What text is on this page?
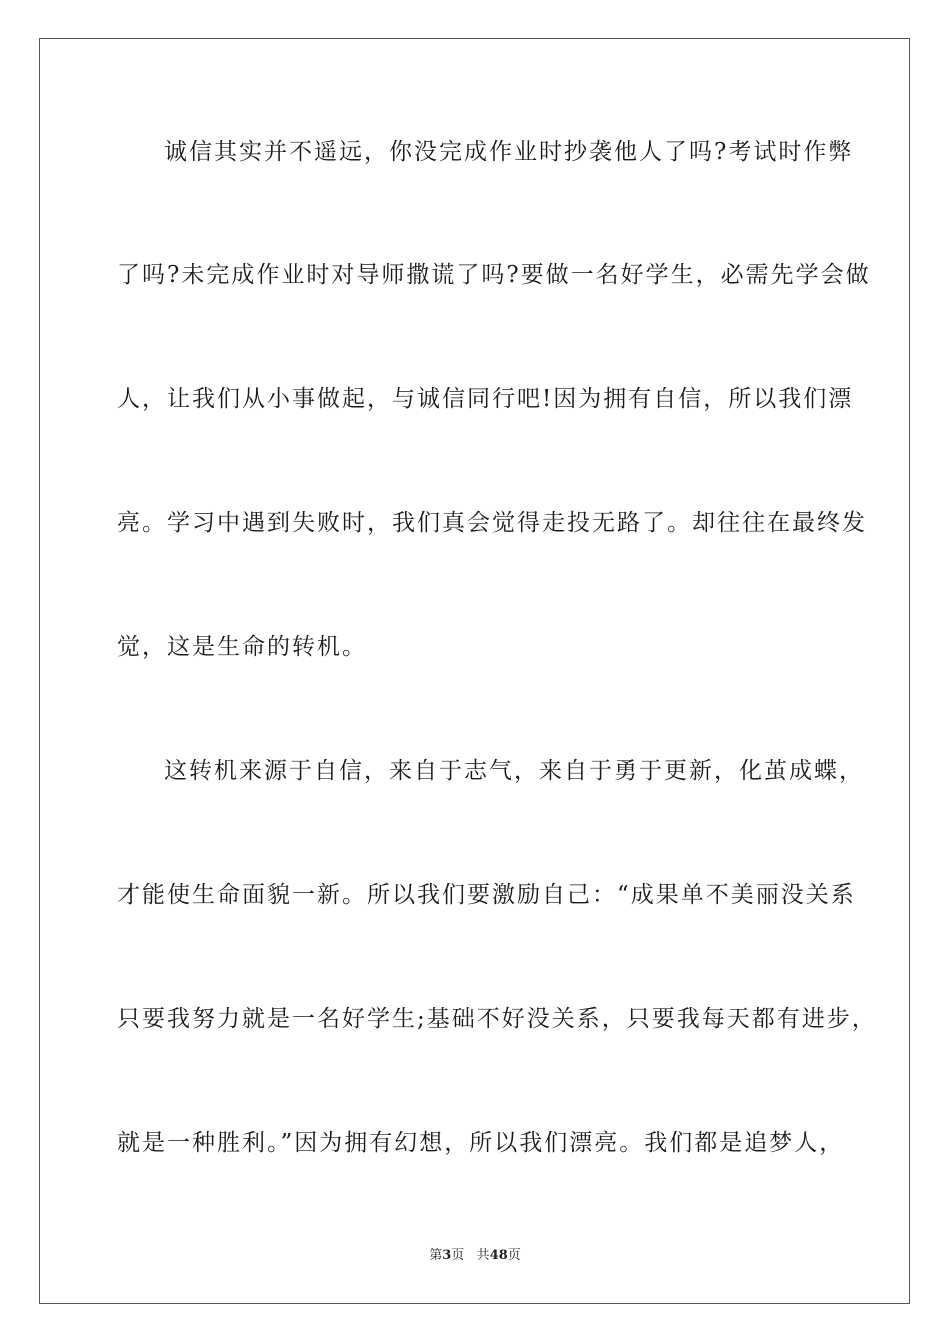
诚信其实并不遥远，你没完成作业时抄袭他人了吗?考试时作弊
了吗?未完成作业时对导师撒谎了吗?要做一名好学生，必需先学会做
人，让我们从小事做起，与诚信同行吧!因为拥有自信，所以我们漂
亮。学习中遇到失败时，我们真会觉得走投无路了。却往往在最终发
觉，这是生命的转机。
这转机来源于自信，来自于志气，来自于勇于更新，化茧成蝶，
才能使生命面貌一新。所以我们要激励自己：“成果单不美丽没关系
只要我努力就是一名好学生;基础不好没关系，只要我每天都有进步，
就是一种胜利。”因为拥有幻想，所以我们漂亮。我们都是追梦人，
第3页 共48页
